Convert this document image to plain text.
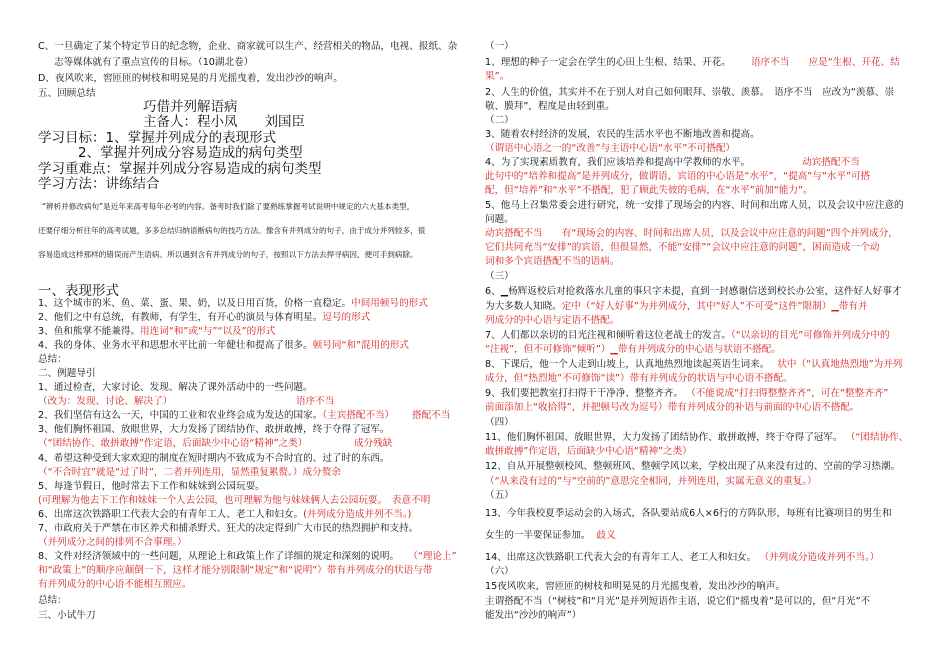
C、一旦确定了某个特定节日的纪念物，企业、商家就可以生产、经营相关的物品，电视、报纸、杂
志等媒体就有了重点宣传的目标。（10湖北卷）
D、夜风吹来，窖匝匝的树枝和明晃晃的月光摇曳着，发出沙沙的响声。
五、回顾总结
巧借并列解语病
主备人：程小凤　　刘国臣
学习目标：1、掌握并列成分的表现形式
2、掌握并列成分容易造成的病句类型
学习重难点：掌握并列成分容易造成的病句类型
学习方法：讲练结合
“辨析并修改病句”是近年来高考每年必考的内容。备考时我们除了要熟练掌握考试说明中规定的六大基本类型，
还要仔细分析往年的高考试题，多多总结归纳语断病句的技巧方法。像含有并列成分的句子，由于成分并列较多，很
容易造成这样那样的错误而产生语病。所以遇到含有并列成分的句子，按照以下方法去捍寻病因，便可手到病除。
一、表现形式
1、这个城市的米、鱼、菜、蛋、果、奶，以及日用百货，价格一直稳定。中间用顿号的形式
2、他们之中有总统，有教师，有学生，有开心的演员与体育明星。逗号的形式
3、鱼和熊掌不能兼得。用连词“和”或“与”“以及”的形式
4、我的身体、业务水平和思想水平比前一年健壮和提高了很多。顿号同“和”混用的形式
总结：
二、例题导引
1、通过检查，大家讨论、发现、解决了课外活动中的一些问题。
（改为：发现、讨论、解决了）	语序不当
2、我们坚信有这么一天，中国的工业和农业终会成为发达的国家。（主宾搭配不当） 搭配不当
3、他们胸怀祖国、放眼世界，大力发扬了团结协作、敢拼敢搏，终于夺得了冠军。
（“团结协作、敢拼敢搏”作定语，后面缺少中心语“精神”之类）	成分残缺
4、希望这种受到大家欢迎的制度在短时期内不致成为不合时宜的、过了时的东西。
（“不合时宜”就是“过了时”，二者并列连用，显然重复累赘。）成分赘余
5、每逢节假日，他时常去下工作和妹妹到公园玩耍。
(可理解为他去下工作和妹妹一个人去公园，也可理解为他与妹妹俩人去公园玩耍。　表意不明
6、出席这次铁路职工代表大会的有青年工人、老工人和妇女。(并列成分造成并列不当。)
7、市政府关于严禁在市区养犬和捕杀野犬、狂犬的决定得到广大市民的热烈拥护和支持。
（并列成分之间的排列不合事理。）
8、文件对经济领域中的一些问题，从理论上和政策上作了详细的规定和深刻的说明。 （“理论上”
和“政策上”的顺序应颠倒一下，这样才能分别限制“规定”和“说明”）带有并列成分的状语与带
有并列成分的中心语不能相互照应。
总结：
三、小试牛刀
（一）
1、理想的种子一定会在学生的心田上生根、结果、开花。 语序不当　　应是“生根、开花、结
果”。
2、人生的价值，其实并不在于别人对自己如何眼拜、崇敬、羡慕。　语序不当　应改为“羡慕、崇
敬、膜拜”，程度是由轻到重。
（二）
3、随着农村经济的发展，农民的生活水平也不断地改善和提高。
（谓语中心语之一的“改善”与主语中心语“水平”不可搭配）
4、为了实现素质教育，我们应该培养和提高中学教师的水平。	动宾搭配不当
此句中的“培养和提高”是并列成分，做谓语，宾语的中心语是“水平”，“提高”与“水平”可搭
配，但“培养”和“水平”不搭配，犯了顾此失彼的毛病，在“水平”前加“能力”。
5、他马上召集常委会进行研究，统一安排了现场会的内容、时间和出席人员，以及会议中应注意的
问题。
动宾搭配不当　　有“现场会的内容、时间和出席人员，以及会议中应注意的问题”四个并列成分，
它们共同充当“安排”的宾语，但很显然，不能“安排”“会议中应注意的问题”，困而造成一个动
词和多个宾语搭配不当的语病。
（三）
6、▁杨辉返校后对抢救落水儿童的事只字未提，直到一封感谢信送到校长办公室，这件好人好事才
为大多数人知晓。定中（“好人好事”为并列成分，其中“好人”不可受“这件”限制）▁带有并
列成分的中心语与定语不搭配。
7、人们都以亲切的目光注视和倾听着这位老战士的发言。（“以亲切的目光”可修饰并列成分中的
“注视”，但不可修饰“倾听”）▁带有并列成分的中心语与状语不搭配。
8、下课后，他一个人走到山坡上，认真地热烈地读起英语生词来。 状中（“认真地热烈地”为并列
成分，但“热烈地”不可修饰“读”）带有并列成分的状语与中心语不搭配。
9、我们要把教室打扫得干干净净、整整齐齐。 （不能说成“打扫得整整齐齐”，可在“整整齐齐”
前面添加上“收拾得”，并把顿号改为逗号）带有并列成分的补语与前面的中心语不搭配。
（四）
11、他们胸怀祖国、放眼世界，大力发扬了团结协作、敢拼敢搏，终于夺得了冠军。 （“团结协作、
敢拼敢搏”作定语，后面缺少中心语“精神”之类）
12、自从开展整顿校风、整顿班风、整顿学风以来，学校出现了从来没有过的、空前的学习热潮。
（“从来没有过的”与“空前的”意思完全相同，并列连用，实属无意义的重复。）
（五）
13、今年我校夏季运动会的入场式，各队要站成6人×6行的方阵队形，每班有比赛项目的男生和
女生的一半要保证参加。 歧义
14、出席这次铁路职工代表大会的有青年工人、老工人和妇女。 （并列成分造成并列不当。）
（六）
15夜风吹来，窖匝匝的树枝和明晃晃的月光摇曳着，发出沙沙的响声。
主谓搭配不当（“树枝”和“月光”是并列短语作主语，说它们“摇曳着”是可以的，但“月光”不
能发出“沙沙的响声”）
